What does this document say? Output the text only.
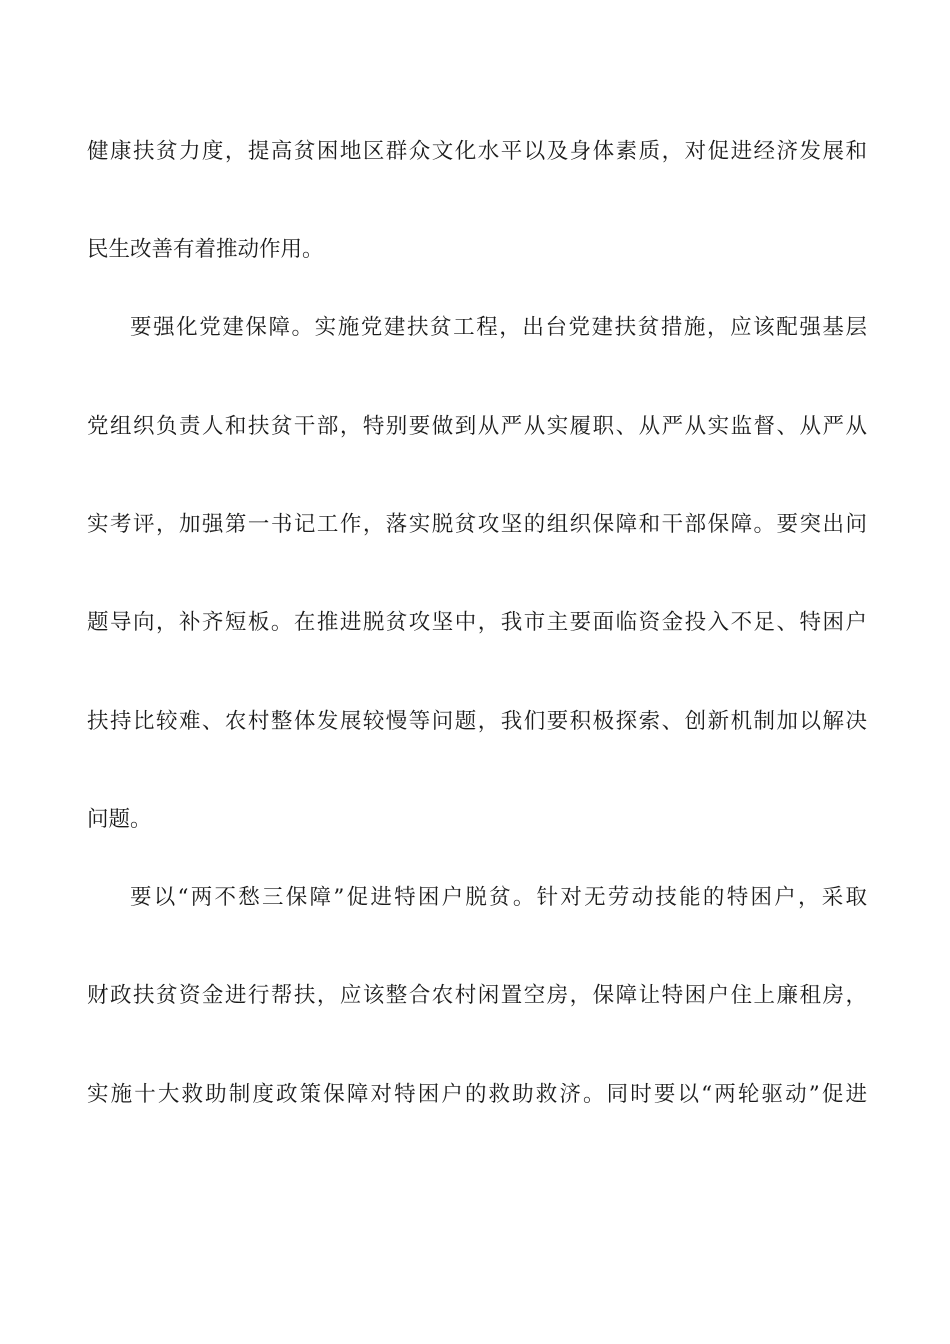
健康扶贫力度，提高贫困地区群众文化水平以及身体素质，对促进经济发展和
民生改善有着推动作用。
要强化党建保障。实施党建扶贫工程，出台党建扶贫措施，应该配强基层
党组织负责人和扶贫干部，特别要做到从严从实履职、从严从实监督、从严从
实考评，加强第一书记工作，落实脱贫攻坚的组织保障和干部保障。要突出问
题导向，补齐短板。在推进脱贫攻坚中，我市主要面临资金投入不足、特困户
扶持比较难、农村整体发展较慢等问题，我们要积极探索、创新机制加以解决
问题。
要以“两不愁三保障”促进特困户脱贫。针对无劳动技能的特困户，采取
财政扶贫资金进行帮扶，应该整合农村闲置空房，保障让特困户住上廉租房，
实施十大救助制度政策保障对特困户的救助救济。同时要以“两轮驱动”促进
